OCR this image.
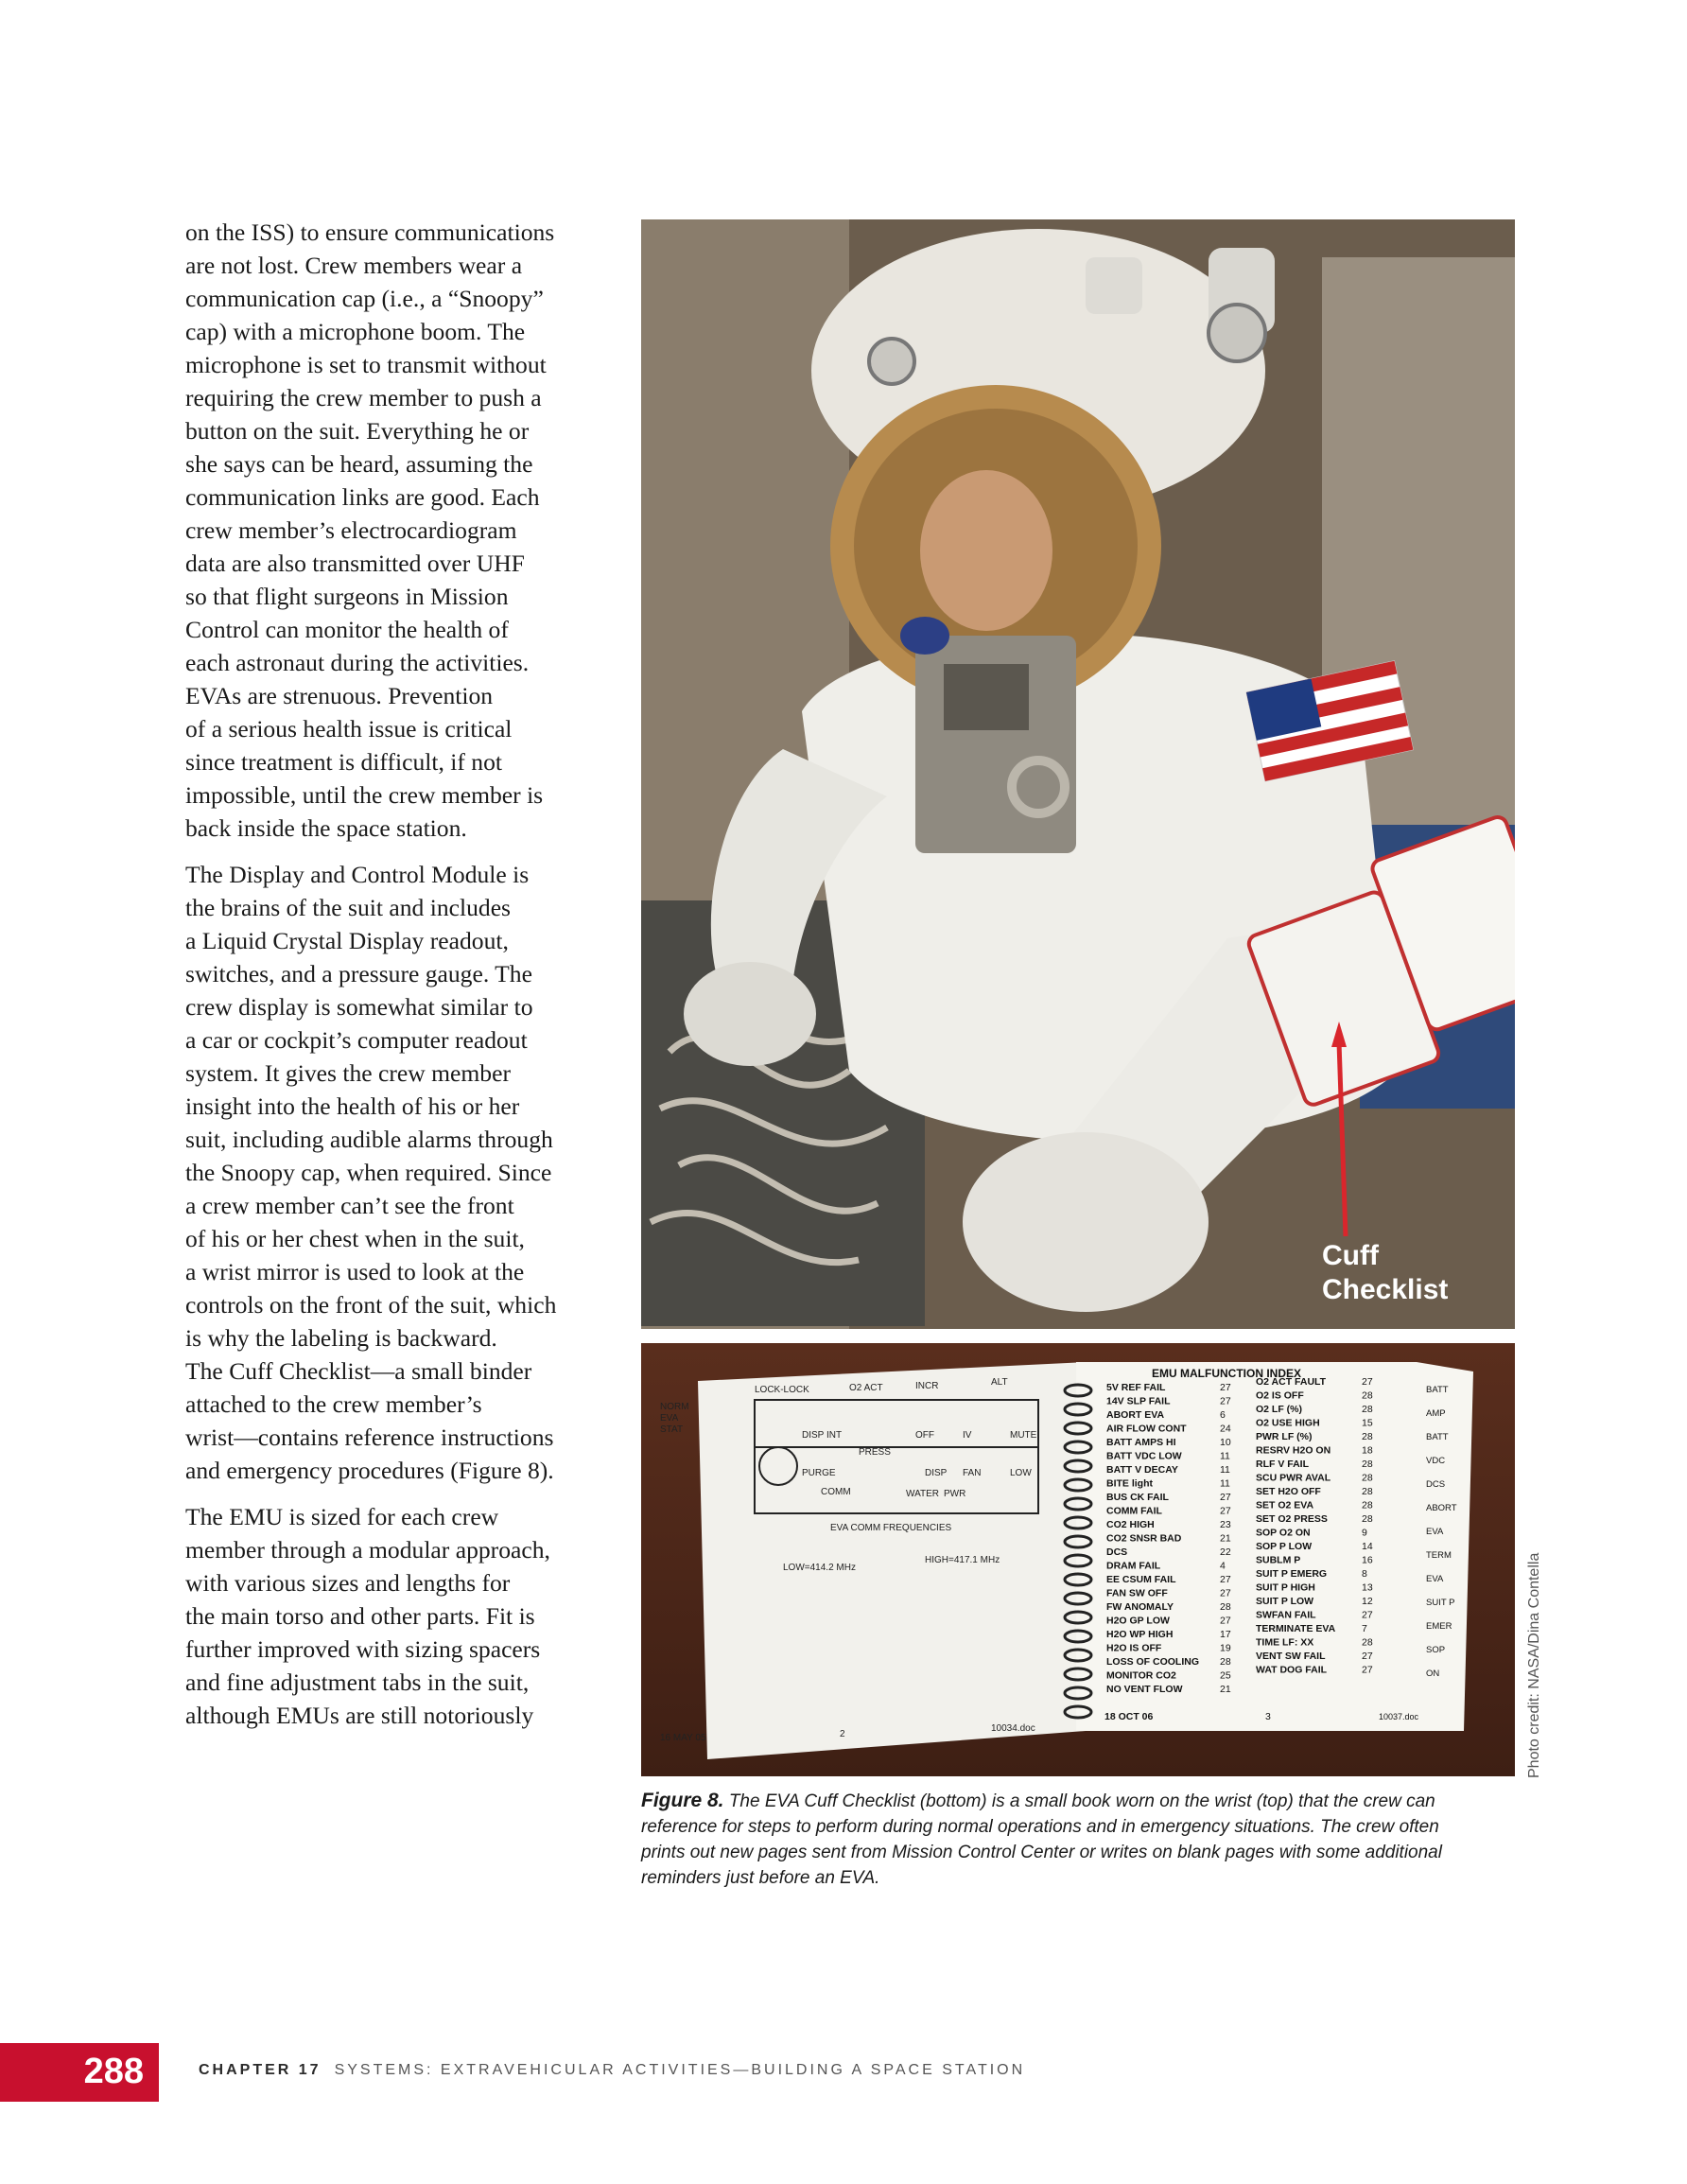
on the ISS) to ensure communications
are not lost. Crew members wear a
communication cap (i.e., a “Snoopy”
cap) with a microphone boom. The
microphone is set to transmit without
requiring the crew member to push a
button on the suit. Everything he or
she says can be heard, assuming the
communication links are good. Each
crew member’s electrocardiogram
data are also transmitted over UHF
so that flight surgeons in Mission
Control can monitor the health of
each astronaut during the activities.
EVAs are strenuous. Prevention
of a serious health issue is critical
since treatment is difficult, if not
impossible, until the crew member is
back inside the space station.

The Display and Control Module is
the brains of the suit and includes
a Liquid Crystal Display readout,
switches, and a pressure gauge. The
crew display is somewhat similar to
a car or cockpit’s computer readout
system. It gives the crew member
insight into the health of his or her
suit, including audible alarms through
the Snoopy cap, when required. Since
a crew member can’t see the front
of his or her chest when in the suit,
a wrist mirror is used to look at the
controls on the front of the suit, which
is why the labeling is backward.
The Cuff Checklist—a small binder
attached to the crew member’s
wrist—contains reference instructions
and emergency procedures (Figure 8).

The EMU is sized for each crew
member through a modular approach,
with various sizes and lengths for
the main torso and other parts. Fit is
further improved with sizing spacers
and fine adjustment tabs in the suit,
although EMUs are still notoriously

Cuff
Checklist
NORM
EVA
STAT
LOCK-LOCK	O2 ACT	INCR	ALT
DISP INT
PRESS
OFF	IV
PURGE
COMM	WATER PWR
DISP FAN
MUTE
LOW
EVA COMM FREQUENCIES
LOW=414.2 MHz
HIGH=417.1 MHz
16 MAY 05	2
10034.doc
EMU MALFUNCTION INDEX
5V REF FAIL	27
14V SLP FAIL	27
ABORT EVA	6
AIR FLOW CONT	24
BATT AMPS HI	10
BATT VDC LOW	11
BATT V DECAY	11
BITE light	11
BUS CK FAIL	27
COMM FAIL	27
CO2 HIGH	23
CO2 SNSR BAD	21
DCS	22
DRAM FAIL	4
EE CSUM FAIL	27
FAN SW OFF	27
FW ANOMALY	28
H2O GP LOW	27
H2O WP HIGH	17
H2O IS OFF	19
LOSS OF COOLING 28
MONITOR CO2	25
NO VENT FLOW	21
O2 ACT FAULT	27
O2 IS OFF	28
O2 LF (%)	28
O2 USE HIGH	15
PWR LF (%)	28
RESRV H2O ON	18
RLF V FAIL	28
SCU PWR AVAL	28
SET H2O OFF	28
SET O2 EVA	28
SET O2 PRESS	28
SOP O2 ON	9
SOP P LOW	14
SUBLM P	16
SUIT P EMERG	8
SUIT P HIGH	13
SUIT P LOW	12
SWFAN FAIL	27
TERMINATE EVA	7
TIME LF: XX	28
VENT SW FAIL	27
WAT DOG FAIL	27
BATT
AMP
BATT
VDC
DCS
ABORT
EVA
TERM
EVA
SUIT P
EMER
SOP
ON
18 OCT 06	3	10037.doc	Photo credit: NASA/Dina Contella
Figure 8. The EVA Cuff Checklist (bottom) is a small book worn on the wrist (top) that the crew can
reference for steps to perform during normal operations and in emergency situations. The crew often
prints out new pages sent from Mission Control Center or writes on blank pages with some additional
reminders just before an EVA.
288	CHAPTER 17 SYSTEMS: EXTRAVEHICULAR ACTIVITIES—BUILDING A SPACE STATION
